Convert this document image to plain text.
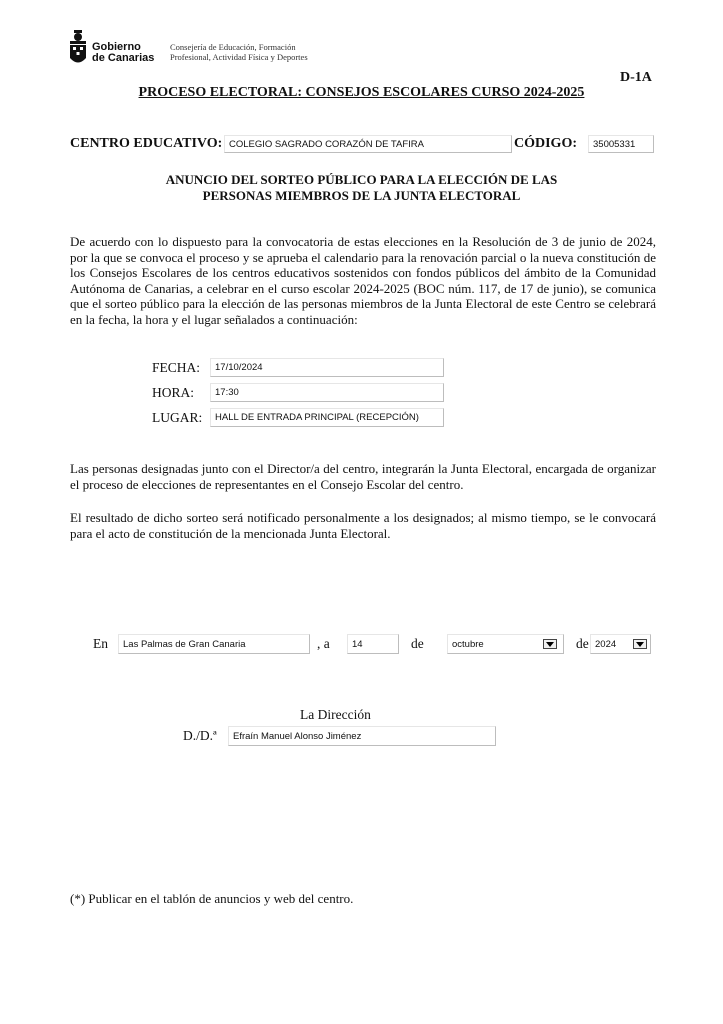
Gobierno
de Canarias
Consejería de Educación, Formación
Profesional, Actividad Física y Deportes
D-1A
PROCESO ELECTORAL: CONSEJOS ESCOLARES CURSO 2024-2025
CENTRO EDUCATIVO: COLEGIO SAGRADO CORAZÓN DE TAFIRA	CÓDIGO:	35005331
ANUNCIO DEL SORTEO PÚBLICO PARA LA ELECCIÓN DE LAS
PERSONAS MIEMBROS DE LA JUNTA ELECTORAL
De acuerdo con lo dispuesto para la convocatoria de estas elecciones en la Resolución de 3 de junio de 2024, por la que se convoca el proceso y se aprueba el calendario para la renovación parcial o la nueva constitución de los Consejos Escolares de los centros educativos sostenidos con fondos públicos del ámbito de la Comunidad Autónoma de Canarias, a celebrar en el curso escolar 2024-2025 (BOC núm. 117, de 17 de junio), se comunica que el sorteo público para la elección de las personas miembros de la Junta Electoral de este Centro se celebrará en la fecha, la hora y el lugar señalados a continuación:
FECHA:	17/10/2024
HORA:	17:30
LUGAR:	HALL DE ENTRADA PRINCIPAL (RECEPCIÓN)
Las personas designadas junto con el Director/a del centro, integrarán la Junta Electoral, encargada de organizar el proceso de elecciones de representantes en el Consejo Escolar del centro.
El resultado de dicho sorteo será notificado personalmente a los designados; al mismo tiempo, se le convocará para el acto de constitución de la mencionada Junta Electoral.
En	Las Palmas de Gran Canaria	, a	14	de	octubre	de 2024
La Dirección
D./D.ª	Efraín Manuel Alonso Jiménez
(*) Publicar en el tablón de anuncios y web del centro.
